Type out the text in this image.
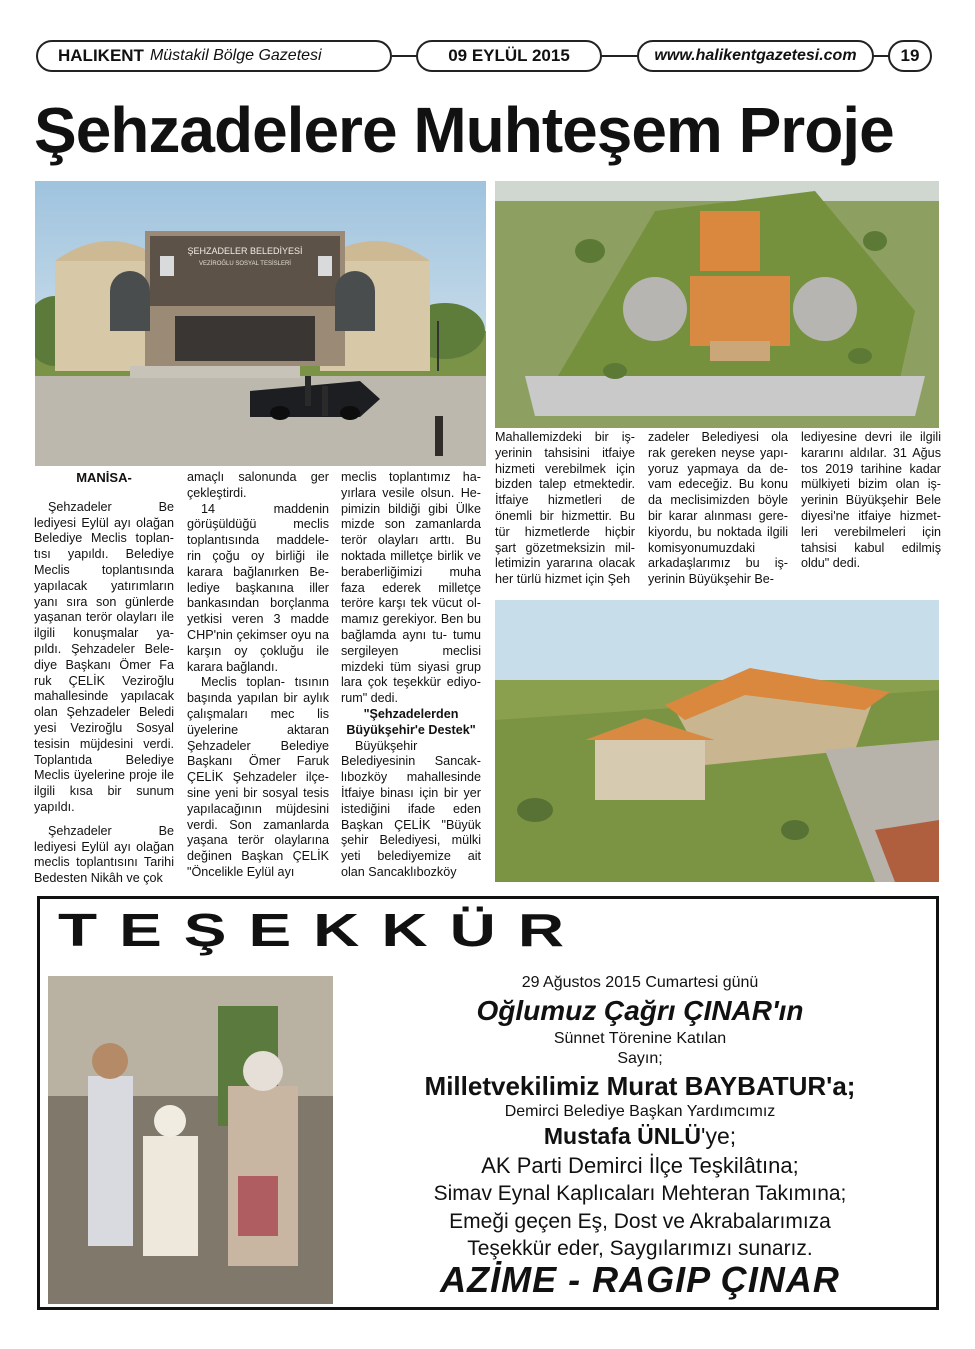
HALIKENT Müstakil Bölge Gazetesi	09 EYLÜL 2015	www.halikentgazetesi.com	19
Şehzadelere Muhteşem Proje
ŞEHZADELER BELEDİYESİ
VEZİROĞLU SOSYAL TESİSLERİ

MANİSA-

Şehzadeler Be lediyesi Eylül ayı olağan Belediye Meclis toplan- tısı yapıldı. Belediye Meclis toplantısında yapılacak yatırımların yanı sıra son günlerde yaşanan terör olayları ile ilgili konuşmalar ya- pıldı. Şehzadeler Bele- diye Başkanı Ömer Fa ruk ÇELİK Veziroğlu mahallesinde yapılacak olan Şehzadeler Beledi yesi Veziroğlu Sosyal tesisin müjdesini verdi. Toplantıda Belediye Meclis üyelerine proje ile ilgili kısa bir sunum yapıldı.

Şehzadeler Be lediyesi Eylül ayı olağan meclis toplantısını Tarihi Bedesten Nikâh ve çok

amaçlı salonunda ger çekleştirdi.

14 maddenin görüşüldüğü meclis toplantısında maddele- rin çoğu oy birliği ile karara bağlanırken Be- lediye başkanına iller bankasından borçlanma yetkisi veren 3 madde CHP'nin çekimser oyu na karşın oy çokluğu ile karara bağlandı.

Meclis toplan- tısının başında yapılan bir aylık çalışmaları mec lis üyelerine aktaran Şehzadeler Belediye Başkanı Ömer Faruk ÇELİK Şehzadeler ilçe- sine yeni bir sosyal tesis yapılacağının müjdesini verdi. Son zamanlarda yaşana terör olaylarına değinen Başkan ÇELİK "Öncelikle Eylül ayı

meclis toplantımız ha- yırlara vesile olsun. He- pimizin bildiği gibi Ülke mizde son zamanlarda terör olayları arttı. Bu noktada milletçe birlik ve beraberliğimizi muha faza ederek milletçe teröre karşı tek vücut ol- mamız gerekiyor. Ben bu bağlamda aynı tu- tumu sergileyen meclisi mizdeki tüm siyasi grup lara çok teşekkür ediyo- rum" dedi.

"Şehzadelerden Büyükşehir'e Destek"

Büyükşehir Belediyesinin Sancak- lıbozköy mahallesinde İtfaiye binası için bir yer istediğini ifade eden Başkan ÇELİK "Büyük şehir Belediyesi, mülki yeti belediyemize ait olan Sancaklıbozköy

Mahallemizdeki bir iş- yerinin tahsisini itfaiye hizmeti verebilmek için bizden talep etmektedir. İtfaiye hizmetleri de önemli bir hizmettir. Bu tür hizmetlerde hiçbir şart gözetmeksizin mil- letimizin yararına olacak her türlü hizmet için Şeh

zadeler Belediyesi ola rak gereken neyse yapı- yoruz yapmaya da de- vam edeceğiz. Bu konu da meclisimizden böyle bir karar alınması gere- kiyordu, bu noktada ilgili komisyonumuzdaki arkadaşlarımız bu iş- yerinin Büyükşehir Be-

lediyesine devri ile ilgili kararını aldılar. 31 Ağus tos 2019 tarihine kadar mülkiyeti bizim olan iş- yerinin Büyükşehir Bele diyesi'ne itfaiye hizmet- leri verebilmeleri için tahsisi kabul edilmiş oldu" dedi.

TEŞEKKÜR
29 Ağustos 2015 Cumartesi günü
Oğlumuz Çağrı ÇINAR'ın
Sünnet Törenine Katılan
Sayın;
Milletvekilimiz Murat BAYBATUR'a;
Demirci Belediye Başkan Yardımcımız
Mustafa ÜNLÜ'ye;
AK Parti Demirci İlçe Teşkilâtına;
Simav Eynal Kaplıcaları Mehteran Takımına;
Emeği geçen Eş, Dost ve Akrabalarımıza
Teşekkür eder, Saygılarımızı sunarız.
AZİME - RAGIP ÇINAR
